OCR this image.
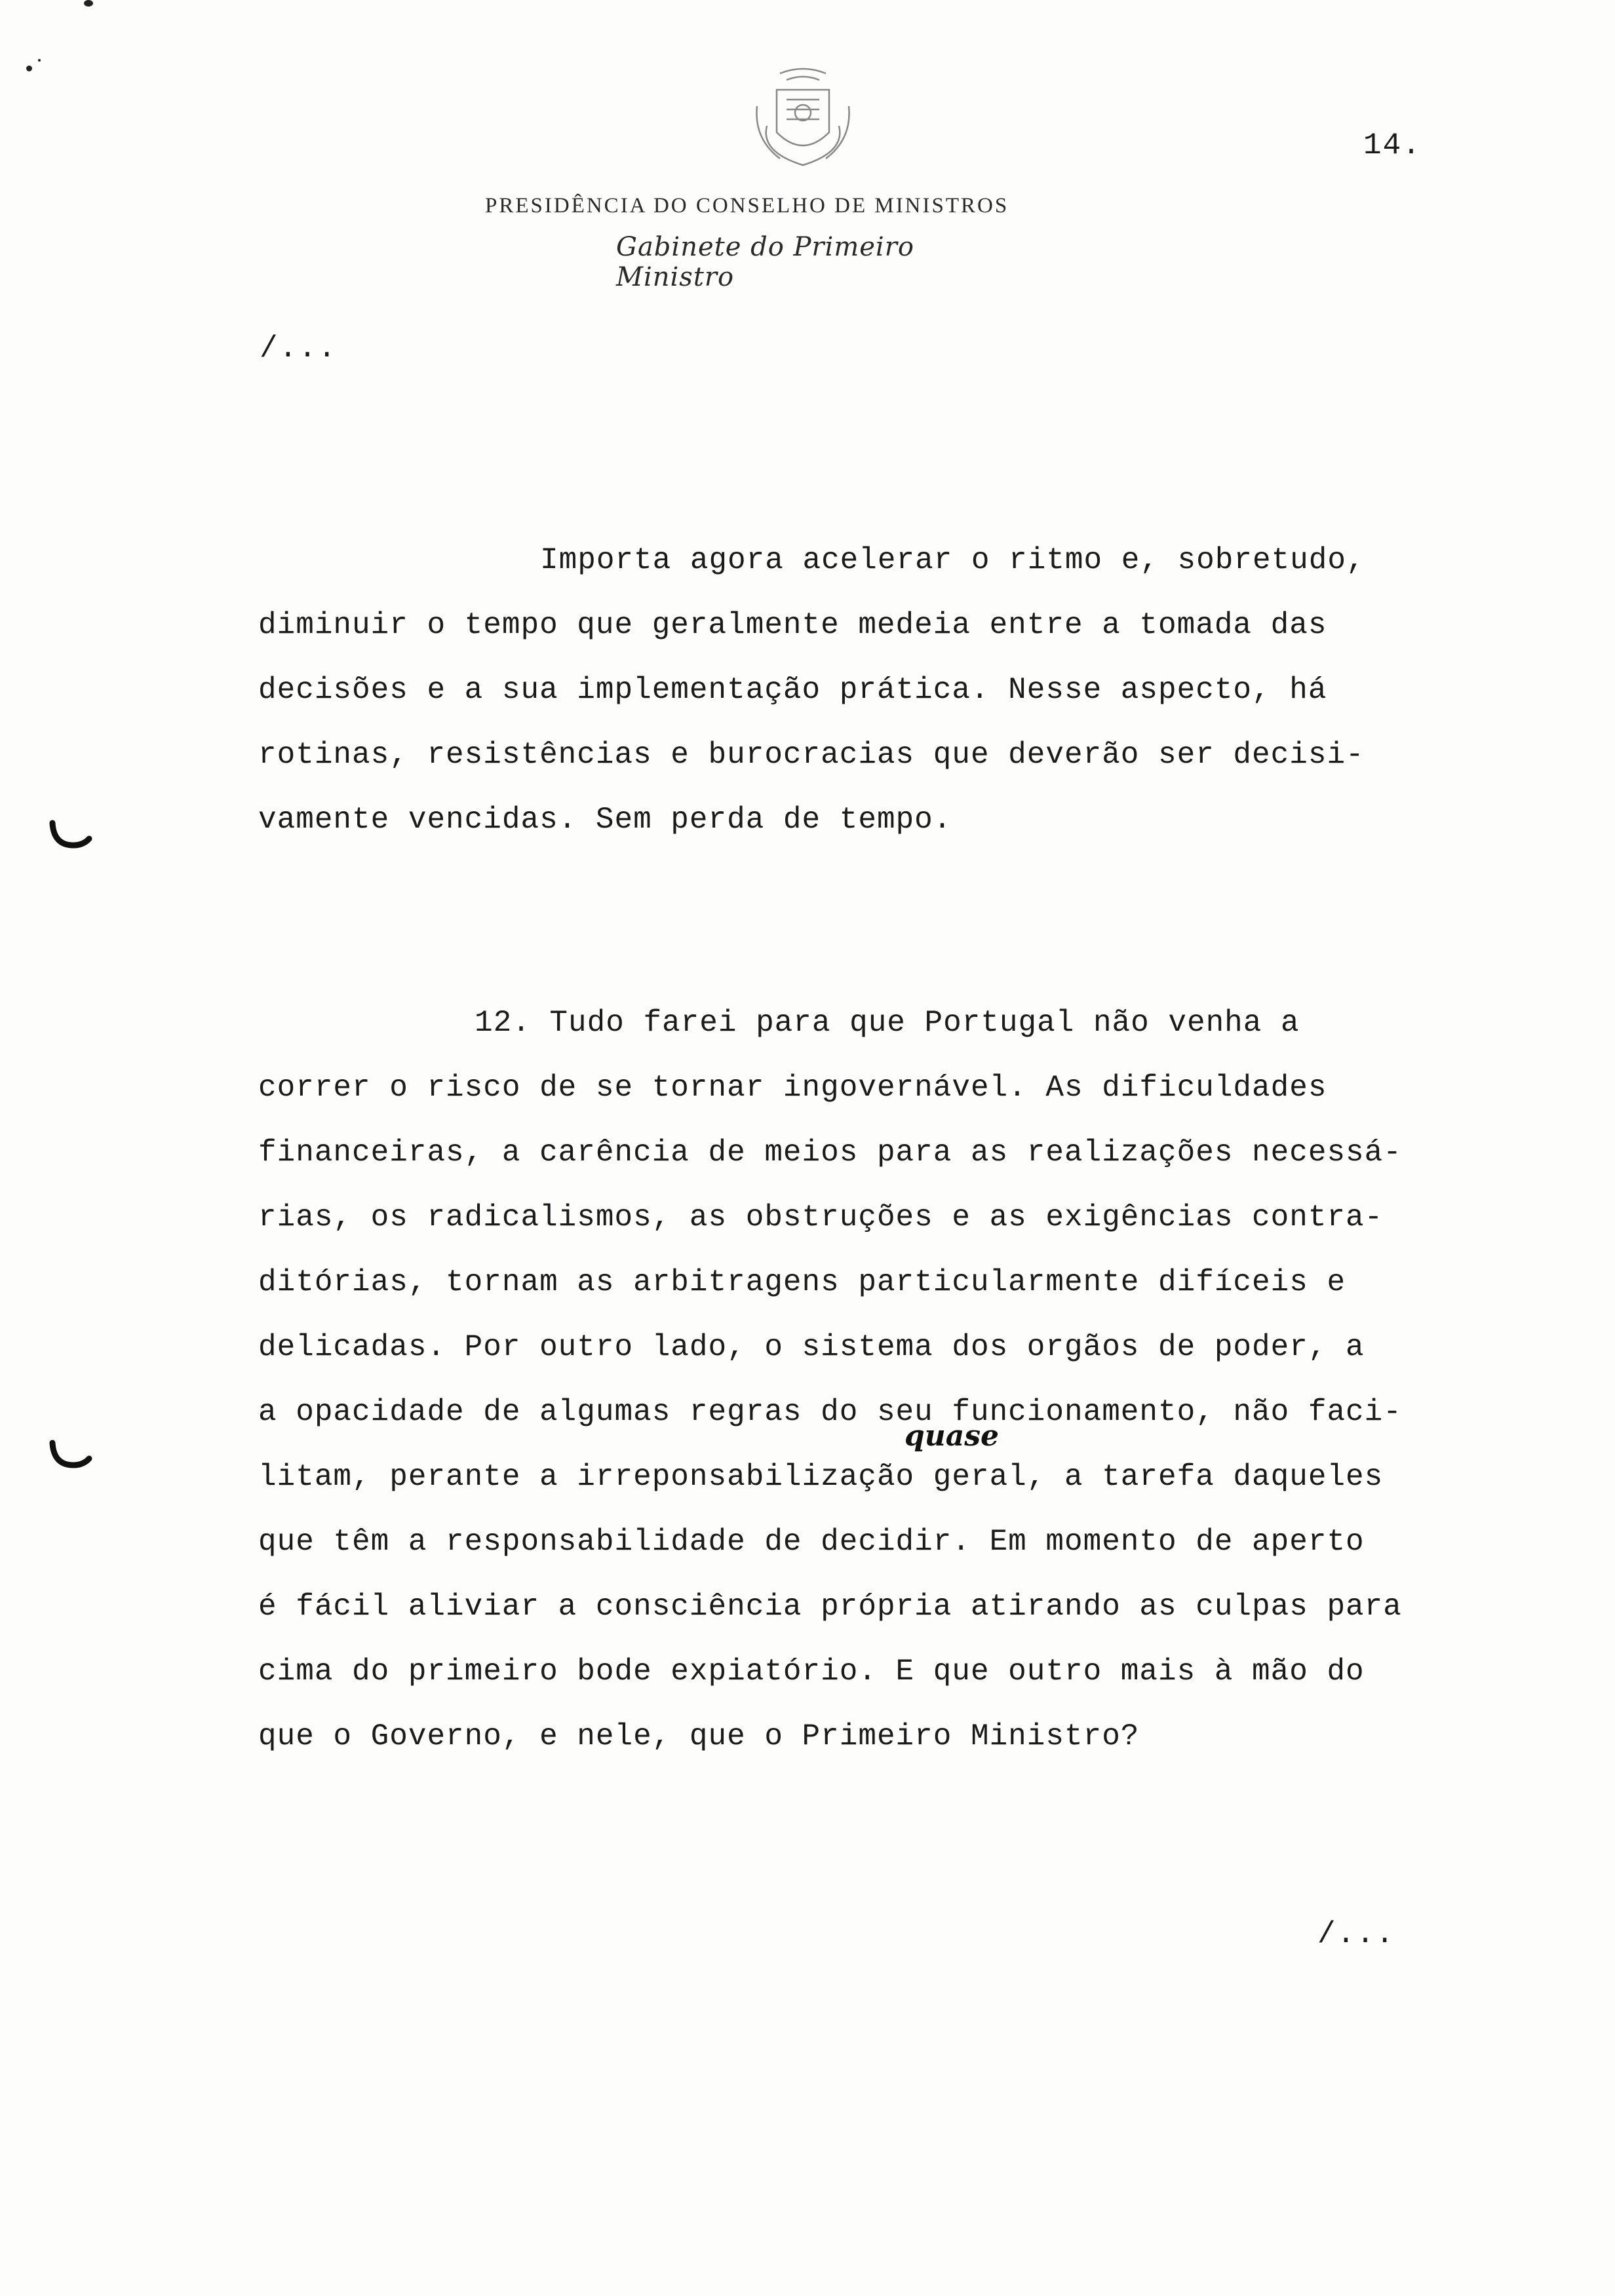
14.
PRESIDÊNCIA DO CONSELHO DE MINISTROS
Gabinete do Primeiro Ministro
/...
Importa agora acelerar o ritmo e, sobretudo,
diminuir o tempo que geralmente medeia entre a tomada das
decisões e a sua implementação prática. Nesse aspecto, há
rotinas, resistências e burocracias que deverão ser decisi-
vamente vencidas. Sem perda de tempo.
12. Tudo farei para que Portugal não venha a
correr o risco de se tornar ingovernável. As dificuldades
financeiras, a carência de meios para as realizações necessá-
rias, os radicalismos, as obstruções e as exigências contra-
ditórias, tornam as arbitragens particularmente difíceis e
delicadas. Por outro lado, o sistema dos orgãos de poder, a
a opacidade de algumas regras do seu funcionamento, não faci-
litam, perante a irreponsabilização geral, a tarefa daqueles
que têm a responsabilidade de decidir. Em momento de aperto
é fácil aliviar a consciência própria atirando as culpas para
cima do primeiro bode expiatório. E que outro mais à mão do
que o Governo, e nele, que o Primeiro Ministro?
quase
/...
